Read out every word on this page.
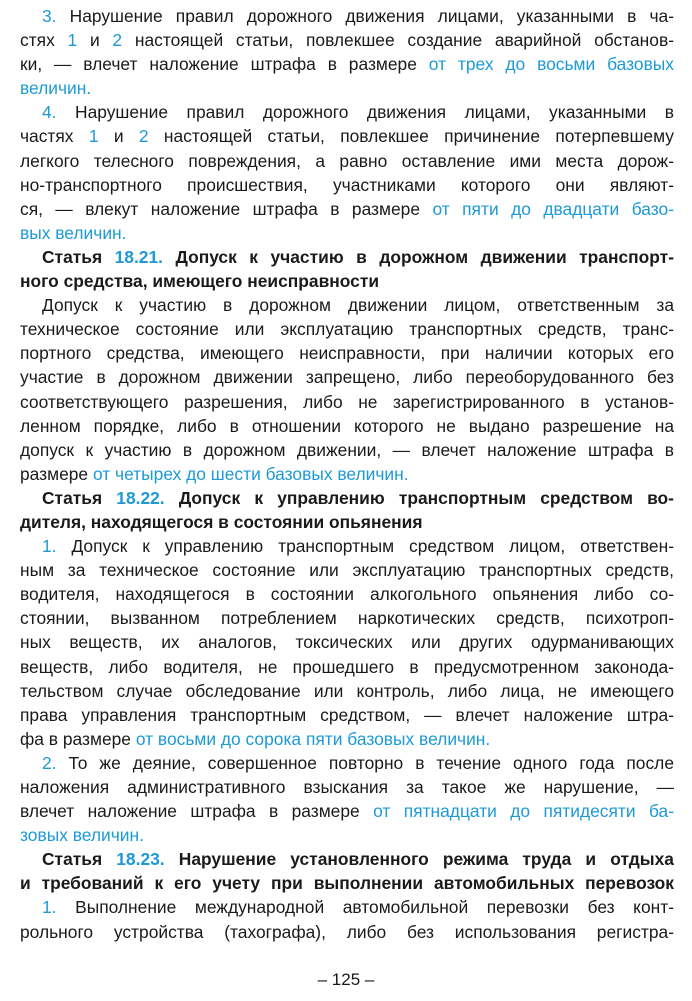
3. Нарушение правил дорожного движения лицами, указанными в ча-
стях 1 и 2 настоящей статьи, повлекшее создание аварийной обстанов-
ки, — влечет наложение штрафа в размере от трех до восьми базовых
величин.
4. Нарушение правил дорожного движения лицами, указанными в
частях 1 и 2 настоящей статьи, повлекшее причинение потерпевшему
легкого телесного повреждения, а равно оставление ими места дорож-
но-транспортного происшествия, участниками которого они являют-
ся, — влекут наложение штрафа в размере от пяти до двадцати базо-
вых величин.
Статья 18.21. Допуск к участию в дорожном движении транспорт-
ного средства, имеющего неисправности
Допуск к участию в дорожном движении лицом, ответственным за
техническое состояние или эксплуатацию транспортных средств, транс-
портного средства, имеющего неисправности, при наличии которых его
участие в дорожном движении запрещено, либо переоборудованного без
соответствующего разрешения, либо не зарегистрированного в установ-
ленном порядке, либо в отношении которого не выдано разрешение на
допуск к участию в дорожном движении, — влечет наложение штрафа в
размере от четырех до шести базовых величин.
Статья 18.22. Допуск к управлению транспортным средством во-
дителя, находящегося в состоянии опьянения
1. Допуск к управлению транспортным средством лицом, ответствен-
ным за техническое состояние или эксплуатацию транспортных средств,
водителя, находящегося в состоянии алкогольного опьянения либо со-
стоянии, вызванном потреблением наркотических средств, психотроп-
ных веществ, их аналогов, токсических или других одурманивающих
веществ, либо водителя, не прошедшего в предусмотренном законода-
тельством случае обследование или контроль, либо лица, не имеющего
права управления транспортным средством, — влечет наложение штра-
фа в размере от восьми до сорока пяти базовых величин.
2. То же деяние, совершенное повторно в течение одного года после
наложения административного взыскания за такое же нарушение, —
влечет наложение штрафа в размере от пятнадцати до пятидесяти ба-
зовых величин.
Статья 18.23. Нарушение установленного режима труда и отдыха
и требований к его учету при выполнении автомобильных перевозок
1. Выполнение международной автомобильной перевозки без конт-
рольного устройства (тахографа), либо без использования регистра-
– 125 –
